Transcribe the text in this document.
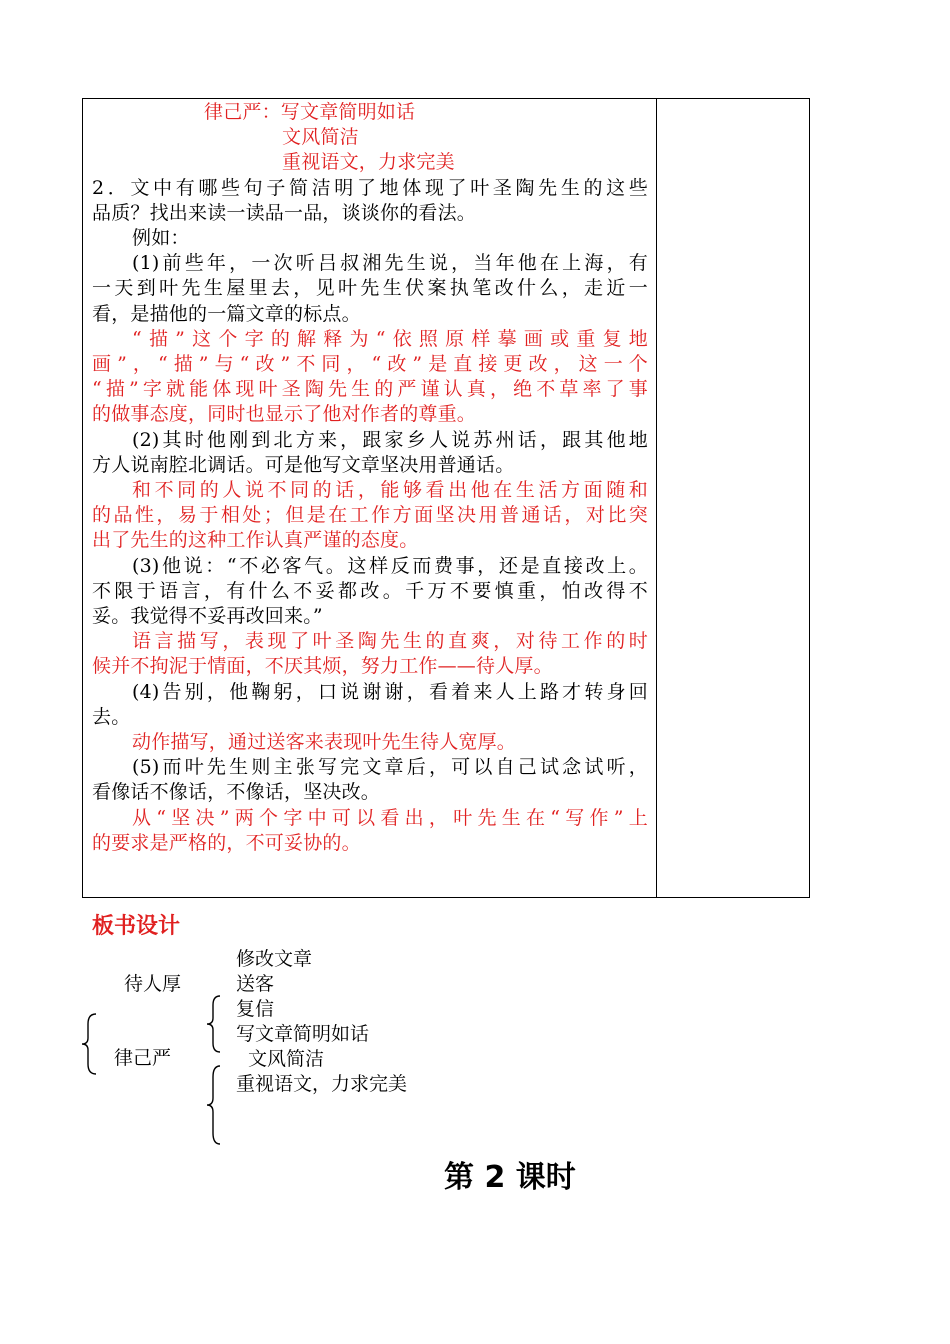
律己严：写文章简明如话
文风简洁
重视语文，力求完美
2．文中有哪些句子简洁明了地体现了叶圣陶先生的这些
品质？找出来读一读品一品，谈谈你的看法。
例如：
(1)前些年，一次听吕叔湘先生说，当年他在上海，有
一天到叶先生屋里去，见叶先生伏案执笔改什么，走近一
看，是描他的一篇文章的标点。
“描”这个字的解释为“依照原样摹画或重复地
画”，“描”与“改”不同，“改”是直接更改，这一个
“描”字就能体现叶圣陶先生的严谨认真，绝不草率了事
的做事态度，同时也显示了他对作者的尊重。
(2)其时他刚到北方来，跟家乡人说苏州话，跟其他地
方人说南腔北调话。可是他写文章坚决用普通话。
和不同的人说不同的话，能够看出他在生活方面随和
的品性，易于相处；但是在工作方面坚决用普通话，对比突
出了先生的这种工作认真严谨的态度。
(3)他说：“不必客气。这样反而费事，还是直接改上。
不限于语言，有什么不妥都改。千万不要慎重，怕改得不
妥。我觉得不妥再改回来。”
语言描写，表现了叶圣陶先生的直爽，对待工作的时
候并不拘泥于情面，不厌其烦，努力工作——待人厚。
(4)告别，他鞠躬，口说谢谢，看着来人上路才转身回
去。
动作描写，通过送客来表现叶先生待人宽厚。
(5)而叶先生则主张写完文章后，可以自己试念试听，
看像话不像话，不像话，坚决改。
从“坚决”两个字中可以看出，叶先生在“写作”上
的要求是严格的，不可妥协的。
板书设计
待人厚
律己严
修改文章
送客
复信
写文章简明如话
文风简洁
重视语文，力求完美
第 2 课时
